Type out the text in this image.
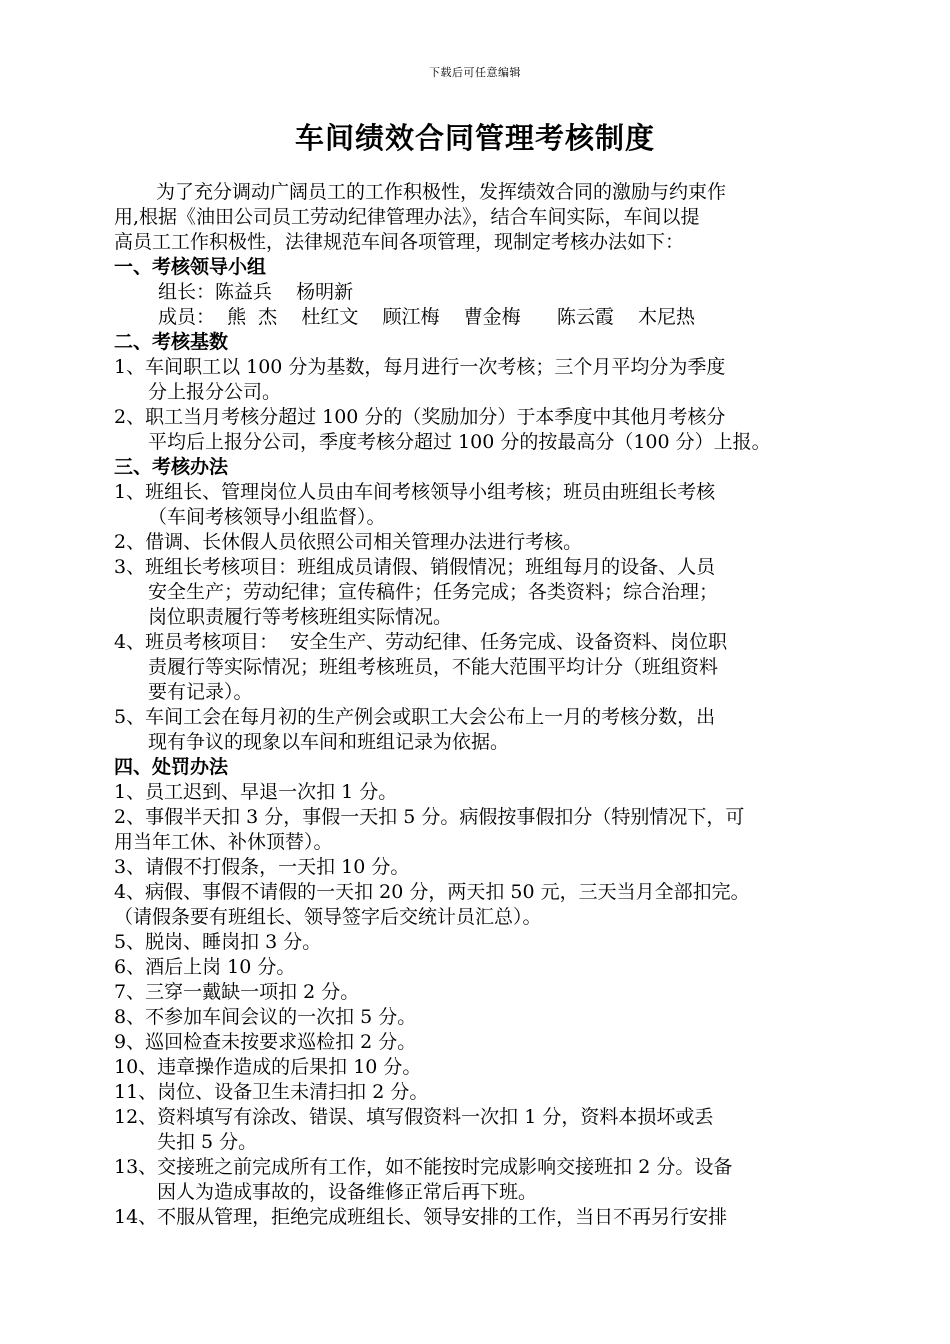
下载后可任意编辑
车间绩效合同管理考核制度
为了充分调动广阔员工的工作积极性，发挥绩效合同的激励与约束作
用,根据《油田公司员工劳动纪律管理办法》，结合车间实际，车间以提
高员工工作积极性，法律规范车间各项管理，现制定考核办法如下：
一、考核领导小组
组长：陈益兵    杨明新
成员：  熊  杰    杜红文    顾江梅    曹金梅      陈云霞    木尼热
二、考核基数
1、车间职工以 100 分为基数，每月进行一次考核；三个月平均分为季度
分上报分公司。
2、职工当月考核分超过 100 分的（奖励加分）于本季度中其他月考核分
平均后上报分公司，季度考核分超过 100 分的按最高分（100 分）上报。
三、考核办法
1、班组长、管理岗位人员由车间考核领导小组考核；班员由班组长考核
（车间考核领导小组监督）。
2、借调、长休假人员依照公司相关管理办法进行考核。
3、班组长考核项目：班组成员请假、销假情况；班组每月的设备、人员
安全生产；劳动纪律；宣传稿件；任务完成；各类资料；综合治理；
岗位职责履行等考核班组实际情况。
4、班员考核项目：  安全生产、劳动纪律、任务完成、设备资料、岗位职
责履行等实际情况；班组考核班员，不能大范围平均计分（班组资料
要有记录）。
5、车间工会在每月初的生产例会或职工大会公布上一月的考核分数，出
现有争议的现象以车间和班组记录为依据。
四、处罚办法
1、员工迟到、早退一次扣 1 分。
2、事假半天扣 3 分，事假一天扣 5 分。病假按事假扣分（特别情况下，可
用当年工休、补休顶替）。
3、请假不打假条，一天扣 10 分。
4、病假、事假不请假的一天扣 20 分，两天扣 50 元，三天当月全部扣完。
（请假条要有班组长、领导签字后交统计员汇总）。
5、脱岗、睡岗扣 3 分。
6、酒后上岗 10 分。
7、三穿一戴缺一项扣 2 分。
8、不参加车间会议的一次扣 5 分。
9、巡回检查未按要求巡检扣 2 分。
10、违章操作造成的后果扣 10 分。
11、岗位、设备卫生未清扫扣 2 分。
12、资料填写有涂改、错误、填写假资料一次扣 1 分，资料本损坏或丢
失扣 5 分。
13、交接班之前完成所有工作，如不能按时完成影响交接班扣 2 分。设备
因人为造成事故的，设备维修正常后再下班。
14、不服从管理，拒绝完成班组长、领导安排的工作，当日不再另行安排
